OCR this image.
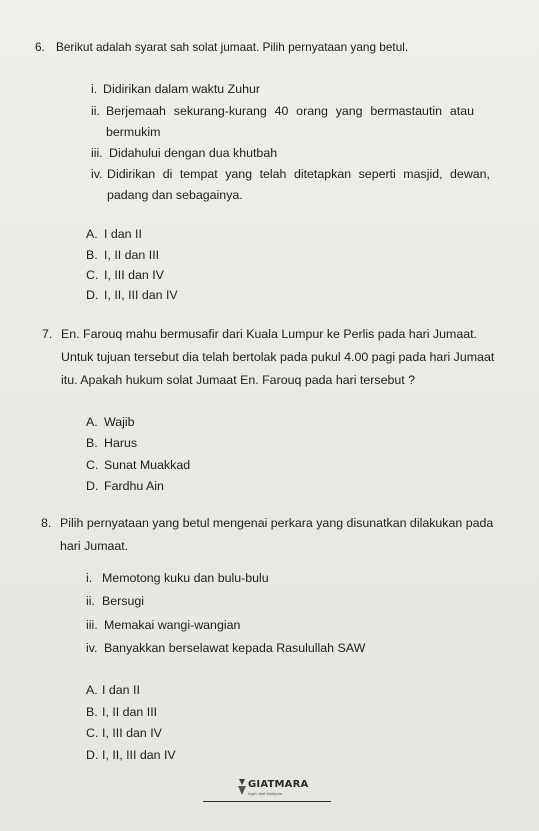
6. Berikut adalah syarat sah solat jumaat. Pilih pernyataan yang betul.
i. Didirikan dalam waktu Zuhur
ii. Berjemaah sekurang-kurang 40 orang yang bermastautin atau
bermukim
iii. Didahului dengan dua khutbah
iv. Didirikan di tempat yang telah ditetapkan seperti masjid, dewan,
padang dan sebagainya.
A. I dan II
B. I, II dan III
C. I, III dan IV
D. I, II, III dan IV
7. En. Farouq mahu bermusafir dari Kuala Lumpur ke Perlis pada hari Jumaat.
Untuk tujuan tersebut dia telah bertolak pada pukul 4.00 pagi pada hari Jumaat
itu. Apakah hukum solat Jumaat En. Farouq pada hari tersebut ?
A. Wajib
B. Harus
C. Sunat Muakkad
D. Fardhu Ain
8. Pilih pernyataan yang betul mengenai perkara yang disunatkan dilakukan pada
hari Jumaat.
i. Memotong kuku dan bulu-bulu
ii. Bersugi
iii. Memakai wangi-wangian
iv. Banyakkan berselawat kepada Rasulullah SAW
A. I dan II
B. I, II dan III
C. I, III dan IV
D. I, II, III dan IV
GIATMARA
Ingin Jadi Malaysia
